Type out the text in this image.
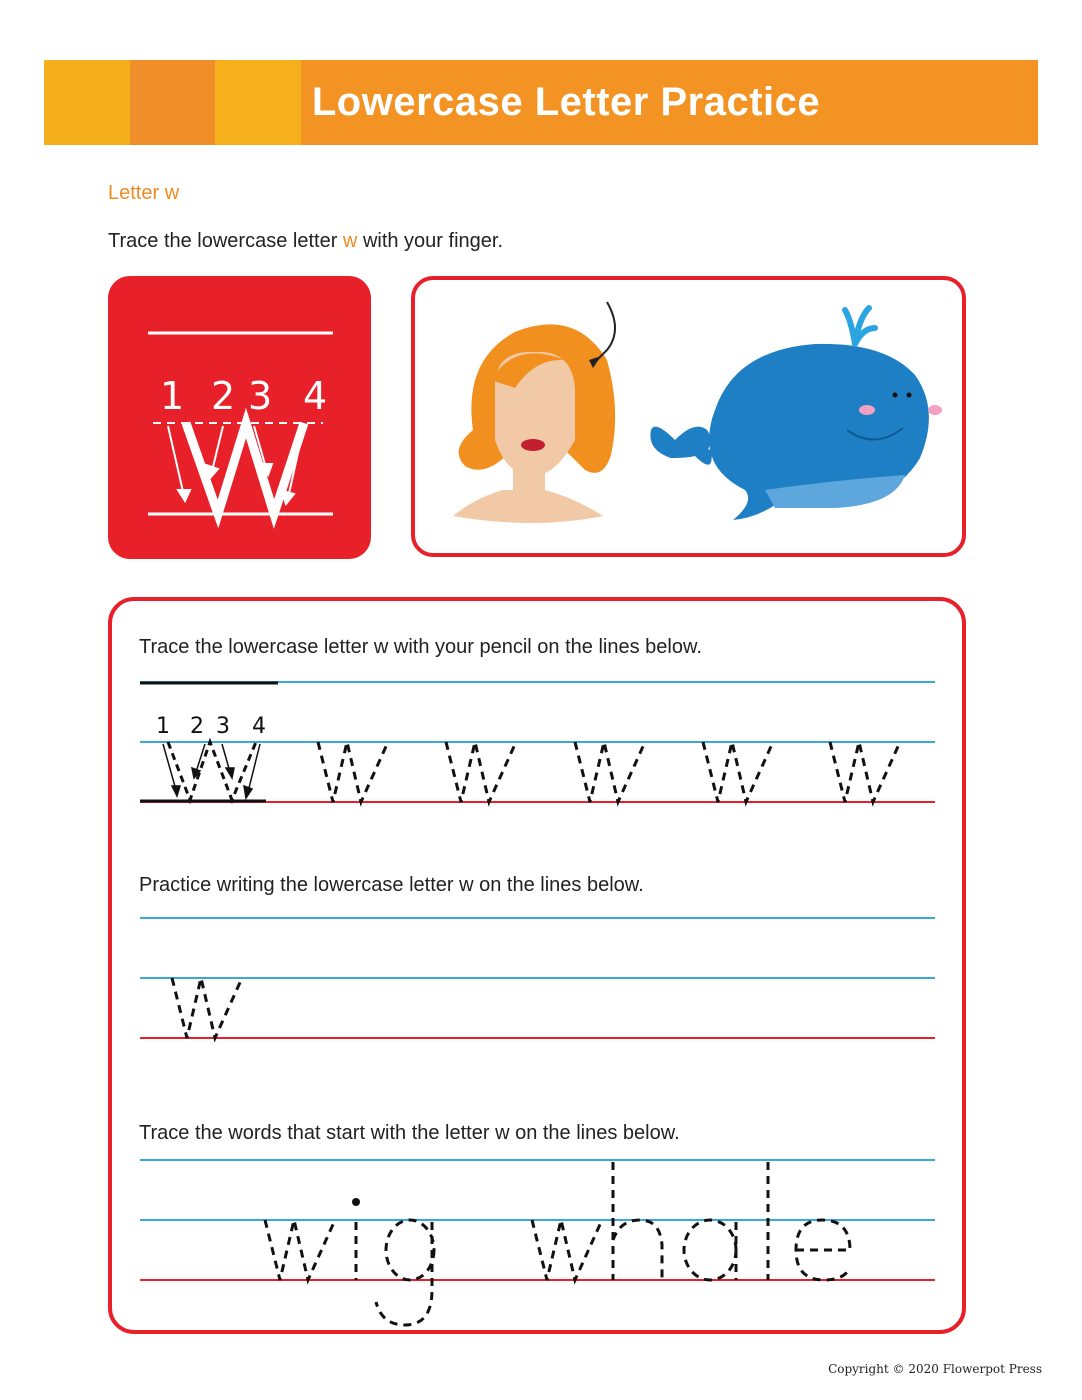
Lowercase Letter Practice
Letter w
Trace the lowercase letter w with your finger.
1 2 3 4
Trace the lowercase letter w with your pencil on the lines below.
Practice writing the lowercase letter w on the lines below.
Trace the words that start with the letter w on the lines below.
1 2 3 4
Copyright © 2020 Flowerpot Press
